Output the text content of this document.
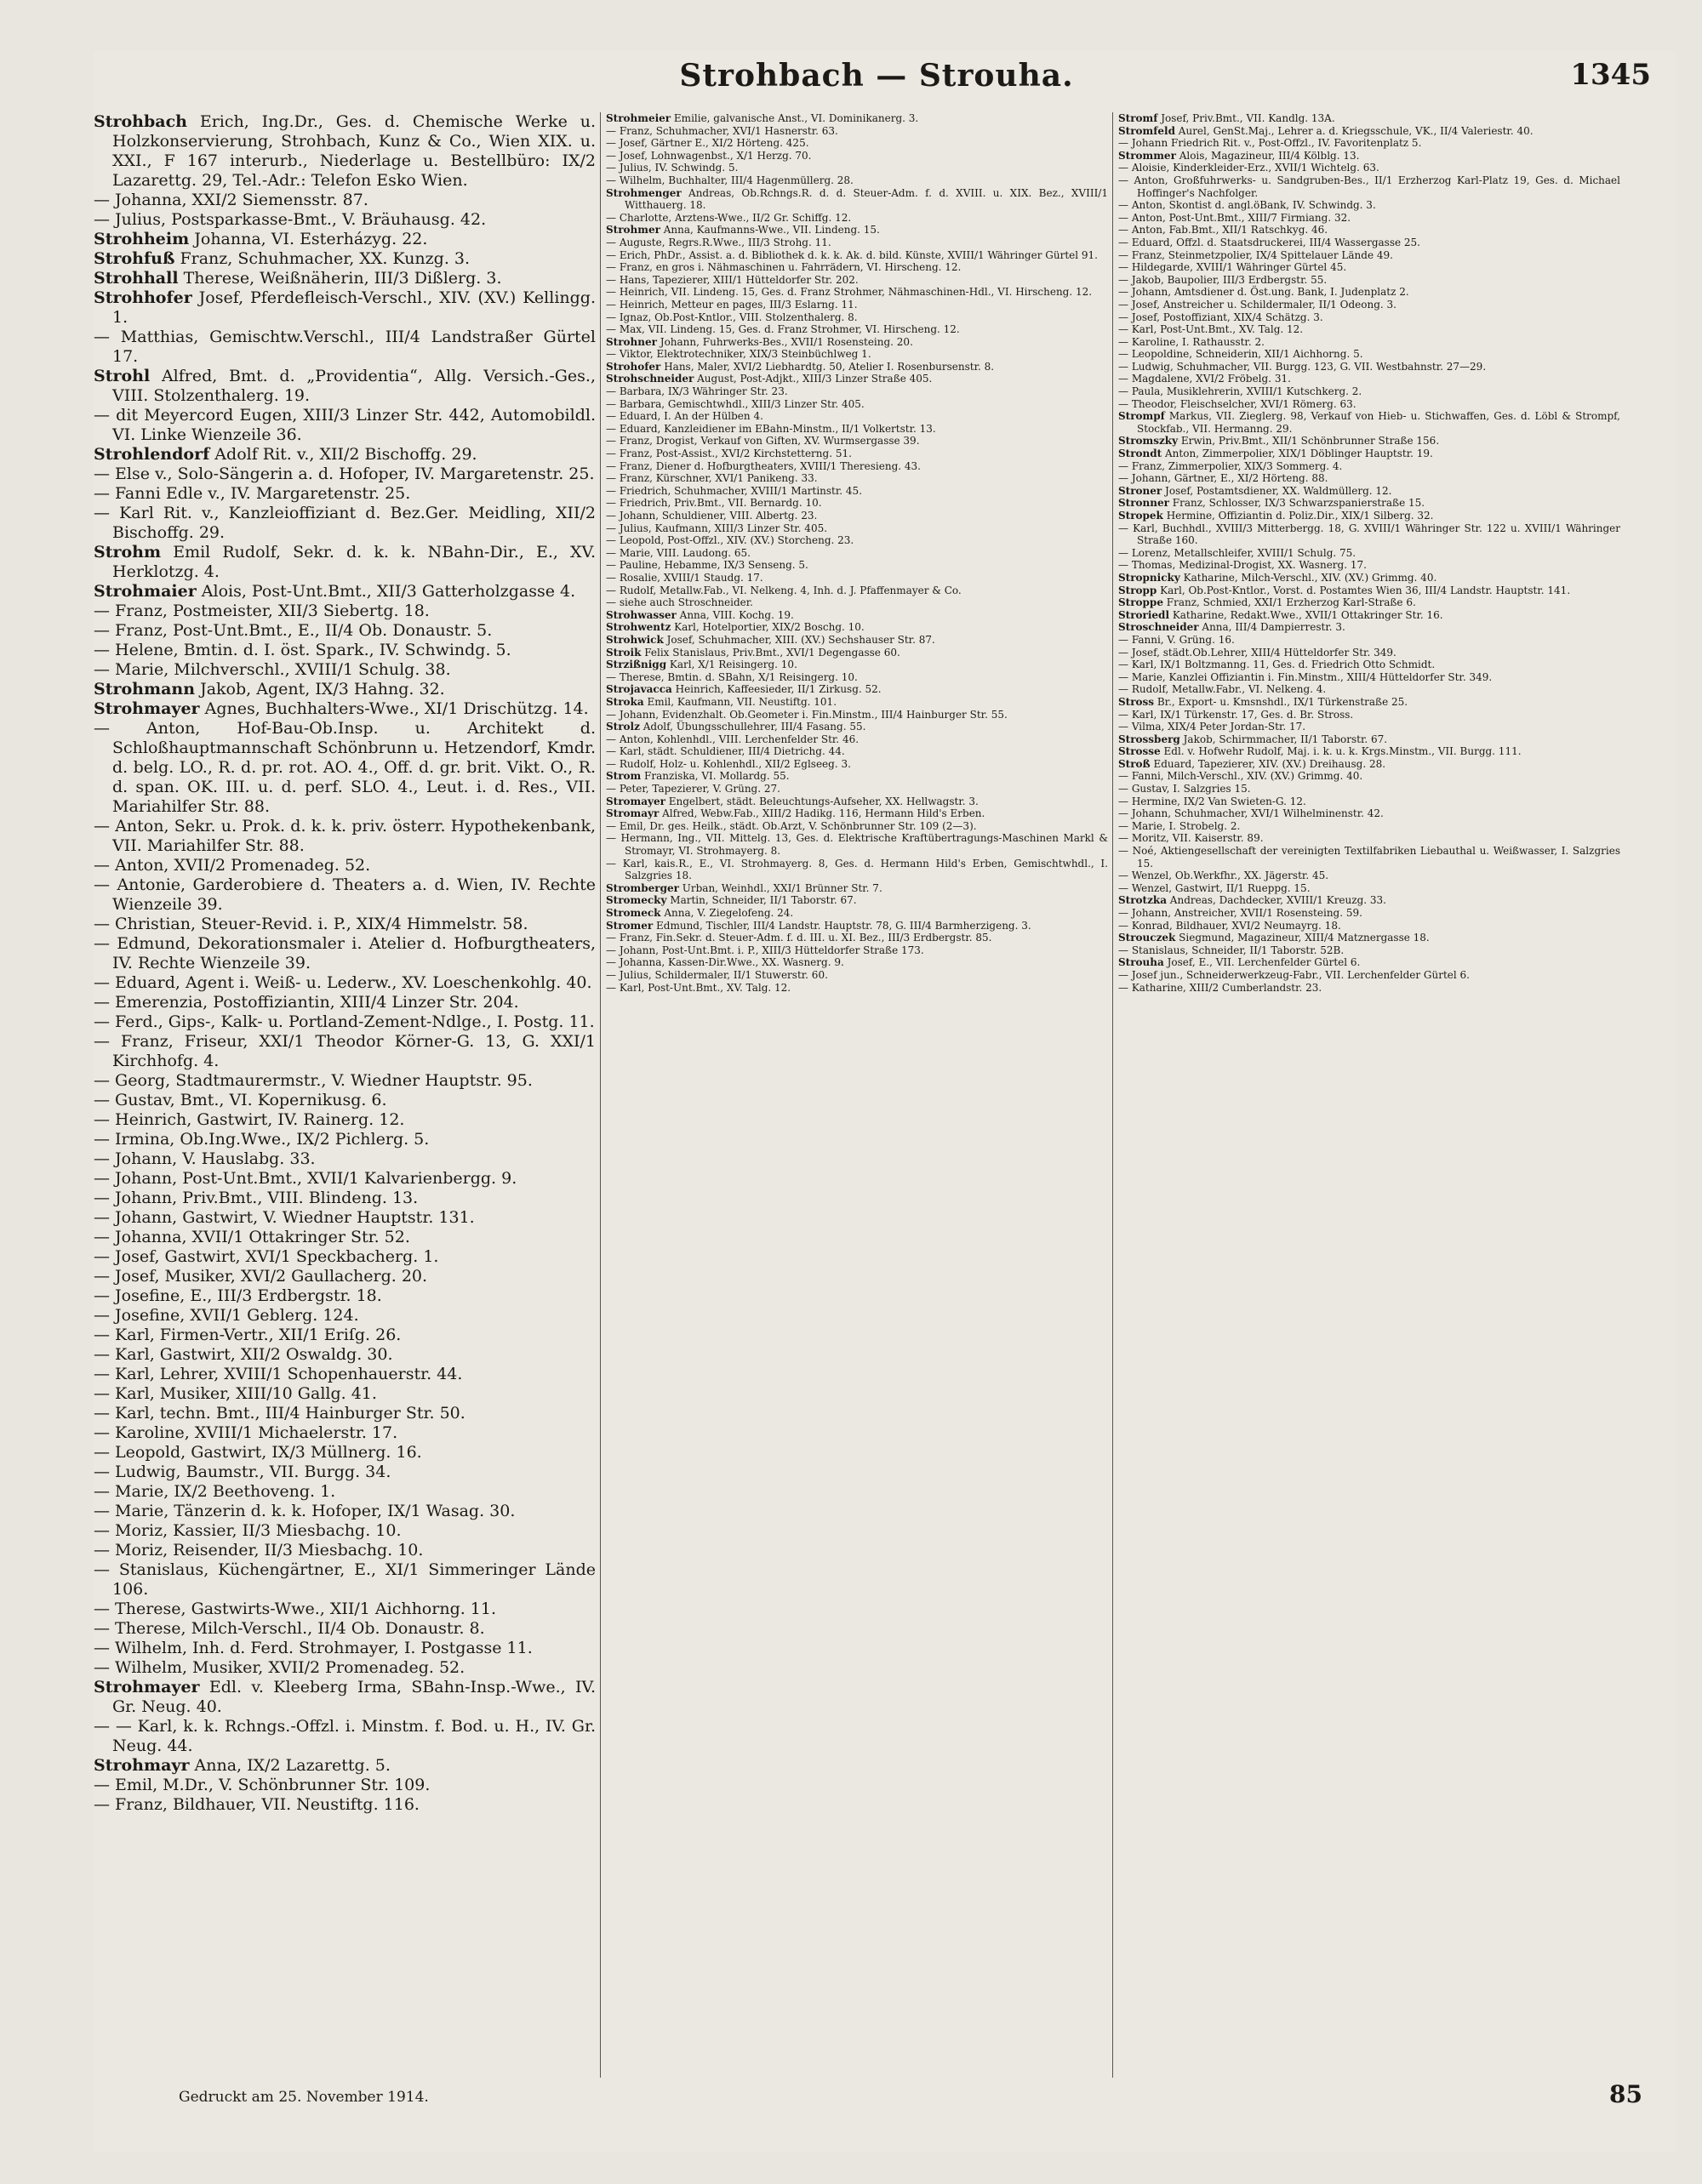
Strohbach — Strouha.	1345

Strohbach Erich, Ing.Dr., Ges. d. Chemische Werke u. Holzkonservierung, Strohbach, Kunz & Co., Wien XIX. u. XXI., F 167 interurb., Niederlage u. Bestellbüro: IX/2 Lazarettg. 29, Tel.-Adr.: Telefon Esko Wien.

— Johanna, XXI/2 Siemensstr. 87.

— Julius, Postsparkasse-Bmt., V. Bräuhausg. 42.

Strohheim Johanna, VI. Esterházyg. 22.

Strohfuß Franz, Schuhmacher, XX. Kunzg. 3.

Strohhall Therese, Weißnäherin, III/3 Dißlerg. 3.

Strohhofer Josef, Pferdefleisch-Verschl., XIV. (XV.) Kellingg. 1.

— Matthias, Gemischtw.Verschl., III/4 Landstraßer Gürtel 17.

Strohl Alfred, Bmt. d. „Providentia“, Allg. Versich.-Ges., VIII. Stolzenthalerg. 19.

— dit Meyercord Eugen, XIII/3 Linzer Str. 442, Automobildl. VI. Linke Wienzeile 36.

Strohlendorf Adolf Rit. v., XII/2 Bischoffg. 29.

— Else v., Solo-Sängerin a. d. Hofoper, IV. Margaretenstr. 25.

— Fanni Edle v., IV. Margaretenstr. 25.

— Karl Rit. v., Kanzleioffiziant d. Bez.Ger. Meidling, XII/2 Bischoffg. 29.

Strohm Emil Rudolf, Sekr. d. k. k. NBahn-Dir., E., XV. Herklotzg. 4.

Strohmaier Alois, Post-Unt.Bmt., XII/3 Gatterholzgasse 4.

— Franz, Postmeister, XII/3 Siebertg. 18.

— Franz, Post-Unt.Bmt., E., II/4 Ob. Donaustr. 5.

— Helene, Bmtin. d. I. öst. Spark., IV. Schwindg. 5.

— Marie, Milchverschl., XVIII/1 Schulg. 38.

Strohmann Jakob, Agent, IX/3 Hahng. 32.

Strohmayer Agnes, Buchhalters-Wwe., XI/1 Drischützg. 14.

— Anton, Hof-Bau-Ob.Insp. u. Architekt d. Schloßhauptmannschaft Schönbrunn u. Hetzendorf, Kmdr. d. belg. LO., R. d. pr. rot. AO. 4., Off. d. gr. brit. Vikt. O., R. d. span. OK. III. u. d. perf. SLO. 4., Leut. i. d. Res., VII. Mariahilfer Str. 88.

— Anton, Sekr. u. Prok. d. k. k. priv. österr. Hypothekenbank, VII. Mariahilfer Str. 88.

— Anton, XVII/2 Promenadeg. 52.

— Antonie, Garderobiere d. Theaters a. d. Wien, IV. Rechte Wienzeile 39.

— Christian, Steuer-Revid. i. P., XIX/4 Himmelstr. 58.

— Edmund, Dekorationsmaler i. Atelier d. Hofburgtheaters, IV. Rechte Wienzeile 39.

— Eduard, Agent i. Weiß- u. Lederw., XV. Loeschenkohlg. 40.

— Emerenzia, Postoffiziantin, XIII/4 Linzer Str. 204.

— Ferd., Gips-, Kalk- u. Portland-Zement-Ndlge., I. Postg. 11.

— Franz, Friseur, XXI/1 Theodor Körner-G. 13, G. XXI/1 Kirchhofg. 4.

— Georg, Stadtmaurermstr., V. Wiedner Hauptstr. 95.

— Gustav, Bmt., VI. Kopernikusg. 6.

— Heinrich, Gastwirt, IV. Rainerg. 12.

— Irmina, Ob.Ing.Wwe., IX/2 Pichlerg. 5.

— Johann, V. Hauslabg. 33.

— Johann, Post-Unt.Bmt., XVII/1 Kalvarienbergg. 9.

— Johann, Priv.Bmt., VIII. Blindeng. 13.

— Johann, Gastwirt, V. Wiedner Hauptstr. 131.

— Johanna, XVII/1 Ottakringer Str. 52.

— Josef, Gastwirt, XVI/1 Speckbacherg. 1.

— Josef, Musiker, XVI/2 Gaullacherg. 20.

— Josefine, E., III/3 Erdbergstr. 18.

— Josefine, XVII/1 Geblerg. 124.

— Karl, Firmen-Vertr., XII/1 Eriſg. 26.

— Karl, Gastwirt, XII/2 Oswaldg. 30.

— Karl, Lehrer, XVIII/1 Schopenhauerstr. 44.

— Karl, Musiker, XIII/10 Gallg. 41.

— Karl, techn. Bmt., III/4 Hainburger Str. 50.

— Karoline, XVIII/1 Michaelerstr. 17.

— Leopold, Gastwirt, IX/3 Müllnerg. 16.

— Ludwig, Baumstr., VII. Burgg. 34.

— Marie, IX/2 Beethoveng. 1.

— Marie, Tänzerin d. k. k. Hofoper, IX/1 Wasag. 30.

— Moriz, Kassier, II/3 Miesbachg. 10.

— Moriz, Reisender, II/3 Miesbachg. 10.

— Stanislaus, Küchengärtner, E., XI/1 Simmeringer Lände 106.

— Therese, Gastwirts-Wwe., XII/1 Aichhorng. 11.

— Therese, Milch-Verschl., II/4 Ob. Donaustr. 8.

— Wilhelm, Inh. d. Ferd. Strohmayer, I. Postgasse 11.

— Wilhelm, Musiker, XVII/2 Promenadeg. 52.

Strohmayer Edl. v. Kleeberg Irma, SBahn-Insp.-Wwe., IV. Gr. Neug. 40.

— — Karl, k. k. Rchngs.-Offzl. i. Minstm. f. Bod. u. H., IV. Gr. Neug. 44.

Strohmayr Anna, IX/2 Lazarettg. 5.

— Emil, M.Dr., V. Schönbrunner Str. 109.

— Franz, Bildhauer, VII. Neustiftg. 116.

Strohmeier Emilie, galvanische Anst., VI. Dominikanerg. 3.

— Franz, Schuhmacher, XVI/1 Hasnerstr. 63.

— Josef, Gärtner E., XI/2 Hörteng. 425.

— Josef, Lohnwagenbst., X/1 Herzg. 70.

— Julius, IV. Schwindg. 5.

— Wilhelm, Buchhalter, III/4 Hagenmüllerg. 28.

Strohmenger Andreas, Ob.Rchngs.R. d. d. Steuer-Adm. f. d. XVIII. u. XIX. Bez., XVIII/1 Witthauerg. 18.

— Charlotte, Arztens-Wwe., II/2 Gr. Schiffg. 12.

Strohmer Anna, Kaufmanns-Wwe., VII. Lindeng. 15.

— Auguste, Regrs.R.Wwe., III/3 Strohg. 11.

— Erich, PhDr., Assist. a. d. Bibliothek d. k. k. Ak. d. bild. Künste, XVIII/1 Währinger Gürtel 91.

— Franz, en gros i. Nähmaschinen u. Fahrrädern, VI. Hirscheng. 12.

— Hans, Tapezierer, XIII/1 Hütteldorfer Str. 202.

— Heinrich, VII. Lindeng. 15, Ges. d. Franz Strohmer, Nähmaschinen-Hdl., VI. Hirscheng. 12.

— Heinrich, Metteur en pages, III/3 Eslarng. 11.

— Ignaz, Ob.Post-Kntlor., VIII. Stolzenthalerg. 8.

— Max, VII. Lindeng. 15, Ges. d. Franz Strohmer, VI. Hirscheng. 12.

Strohner Johann, Fuhrwerks-Bes., XVII/1 Rosensteing. 20.

— Viktor, Elektrotechniker, XIX/3 Steinbüchlweg 1.

Strohofer Hans, Maler, XVI/2 Liebhardtg. 50, Atelier I. Rosenbursenstr. 8.

Strohschneider August, Post-Adjkt., XIII/3 Linzer Straße 405.

— Barbara, IX/3 Währinger Str. 23.

— Barbara, Gemischtwhdl., XIII/3 Linzer Str. 405.

— Eduard, I. An der Hülben 4.

— Eduard, Kanzleidiener im EBahn-Minstm., II/1 Volkertstr. 13.

— Franz, Drogist, Verkauf von Giften, XV. Wurmsergasse 39.

— Franz, Post-Assist., XVI/2 Kirchstetterng. 51.

— Franz, Diener d. Hofburgtheaters, XVIII/1 Theresieng. 43.

— Franz, Kürschner, XVI/1 Panikeng. 33.

— Friedrich, Schuhmacher, XVIII/1 Martinstr. 45.

— Friedrich, Priv.Bmt., VII. Bernardg. 10.

— Johann, Schuldiener, VIII. Albertg. 23.

— Julius, Kaufmann, XIII/3 Linzer Str. 405.

— Leopold, Post-Offzl., XIV. (XV.) Storcheng. 23.

— Marie, VIII. Laudong. 65.

— Pauline, Hebamme, IX/3 Senseng. 5.

— Rosalie, XVIII/1 Staudg. 17.

— Rudolf, Metallw.Fab., VI. Nelkeng. 4, Inh. d. J. Pfaffenmayer & Co.

— siehe auch Stroschneider.

Strohwasser Anna, VIII. Kochg. 19.

Strohwentz Karl, Hotelportier, XIX/2 Boschg. 10.

Strohwick Josef, Schuhmacher, XIII. (XV.) Sechshauser Str. 87.

Stroik Felix Stanislaus, Priv.Bmt., XVI/1 Degengasse 60.

Strzißnigg Karl, X/1 Reisingerg. 10.

— Therese, Bmtin. d. SBahn, X/1 Reisingerg. 10.

Strojavacca Heinrich, Kaffeesieder, II/1 Zirkusg. 52.

Stroka Emil, Kaufmann, VII. Neustiftg. 101.

— Johann, Evidenzhalt. Ob.Geometer i. Fin.Minstm., III/4 Hainburger Str. 55.

Strolz Adolf, Übungsschullehrer, III/4 Fasang. 55.

— Anton, Kohlenhdl., VIII. Lerchenfelder Str. 46.

— Karl, städt. Schuldiener, III/4 Dietrichg. 44.

— Rudolf, Holz- u. Kohlenhdl., XII/2 Eglseeg. 3.

Strom Franziska, VI. Mollardg. 55.

— Peter, Tapezierer, V. Grüng. 27.

Stromayer Engelbert, städt. Beleuchtungs-Aufseher, XX. Hellwagstr. 3.

Stromayr Alfred, Webw.Fab., XIII/2 Hadikg. 116, Hermann Hild's Erben.

— Emil, Dr. ges. Heilk., städt. Ob.Arzt, V. Schönbrunner Str. 109 (2—3).

— Hermann, Ing., VII. Mittelg. 13, Ges. d. Elektrische Kraftübertragungs-Maschinen Markl & Stromayr, VI. Strohmayerg. 8.

— Karl, kais.R., E., VI. Strohmayerg. 8, Ges. d. Hermann Hild's Erben, Gemischtwhdl., I. Salzgries 18.

Stromberger Urban, Weinhdl., XXI/1 Brünner Str. 7.

Stromecky Martin, Schneider, II/1 Taborstr. 67.

Stromeck Anna, V. Ziegelofeng. 24.

Stromer Edmund, Tischler, III/4 Landstr. Hauptstr. 78, G. III/4 Barmherzigeng. 3.

— Franz, Fin.Sekr. d. Steuer-Adm. f. d. III. u. XI. Bez., III/3 Erdbergstr. 85.

— Johann, Post-Unt.Bmt. i. P., XIII/3 Hütteldorfer Straße 173.

— Johanna, Kassen-Dir.Wwe., XX. Wasnerg. 9.

— Julius, Schildermaler, II/1 Stuwerstr. 60.

— Karl, Post-Unt.Bmt., XV. Talg. 12.

Stromf Josef, Priv.Bmt., VII. Kandlg. 13A.

Stromfeld Aurel, GenSt.Maj., Lehrer a. d. Kriegsschule, VK., II/4 Valeriestr. 40.

— Johann Friedrich Rit. v., Post-Offzl., IV. Favoritenplatz 5.

Strommer Alois, Magazineur, III/4 Kölblg. 13.

— Aloisie, Kinderkleider-Erz., XVII/1 Wichtelg. 63.

— Anton, Großfuhrwerks- u. Sandgruben-Bes., II/1 Erzherzog Karl-Platz 19, Ges. d. Michael Hoffinger's Nachfolger.

— Anton, Skontist d. angl.öBank, IV. Schwindg. 3.

— Anton, Post-Unt.Bmt., XIII/7 Firmiang. 32.

— Anton, Fab.Bmt., XII/1 Ratschkyg. 46.

— Eduard, Offzl. d. Staatsdruckerei, III/4 Wassergasse 25.

— Franz, Steinmetzpolier, IX/4 Spittelauer Lände 49.

— Hildegarde, XVIII/1 Währinger Gürtel 45.

— Jakob, Baupolier, III/3 Erdbergstr. 55.

— Johann, Amtsdiener d. Öst.ung. Bank, I. Judenplatz 2.

— Josef, Anstreicher u. Schildermaler, II/1 Odeong. 3.

— Josef, Postoffiziant, XIX/4 Schätzg. 3.

— Karl, Post-Unt.Bmt., XV. Talg. 12.

— Karoline, I. Rathausstr. 2.

— Leopoldine, Schneiderin, XII/1 Aichhorng. 5.

— Ludwig, Schuhmacher, VII. Burgg. 123, G. VII. Westbahnstr. 27—29.

— Magdalene, XVI/2 Fröbelg. 31.

— Paula, Musiklehrerin, XVIII/1 Kutschkerg. 2.

— Theodor, Fleischselcher, XVI/1 Römerg. 63.

Strompf Markus, VII. Zieglerg. 98, Verkauf von Hieb- u. Stichwaffen, Ges. d. Löbl & Strompf, Stockfab., VII. Hermanng. 29.

Stromszky Erwin, Priv.Bmt., XII/1 Schönbrunner Straße 156.

Strondt Anton, Zimmerpolier, XIX/1 Döblinger Hauptstr. 19.

— Franz, Zimmerpolier, XIX/3 Sommerg. 4.

— Johann, Gärtner, E., XI/2 Hörteng. 88.

Stroner Josef, Postamtsdiener, XX. Waldmüllerg. 12.

Stronner Franz, Schlosser, IX/3 Schwarzspanierstraße 15.

Stropek Hermine, Offiziantin d. Poliz.Dir., XIX/1 Silberg. 32.

— Karl, Buchhdl., XVIII/3 Mitterbergg. 18, G. XVIII/1 Währinger Str. 122 u. XVIII/1 Währinger Straße 160.

— Lorenz, Metallschleifer, XVIII/1 Schulg. 75.

— Thomas, Medizinal-Drogist, XX. Wasnerg. 17.

Stropnicky Katharine, Milch-Verschl., XIV. (XV.) Grimmg. 40.

Stropp Karl, Ob.Post-Kntlor., Vorst. d. Postamtes Wien 36, III/4 Landstr. Hauptstr. 141.

Stroppe Franz, Schmied, XXI/1 Erzherzog Karl-Straße 6.

Stroriedl Katharine, Redakt.Wwe., XVII/1 Ottakringer Str. 16.

Stroschneider Anna, III/4 Dampierrestr. 3.

— Fanni, V. Grüng. 16.

— Josef, städt.Ob.Lehrer, XIII/4 Hütteldorfer Str. 349.

— Karl, IX/1 Boltzmanng. 11, Ges. d. Friedrich Otto Schmidt.

— Marie, Kanzlei Offiziantin i. Fin.Minstm., XIII/4 Hütteldorfer Str. 349.

— Rudolf, Metallw.Fabr., VI. Nelkeng. 4.

Stross Br., Export- u. Kmsnshdl., IX/1 Türkenstraße 25.

— Karl, IX/1 Türkenstr. 17, Ges. d. Br. Stross.

— Vilma, XIX/4 Peter Jordan-Str. 17.

Strossberg Jakob, Schirmmacher, II/1 Taborstr. 67.

Strosse Edl. v. Hofwehr Rudolf, Maj. i. k. u. k. Krgs.Minstm., VII. Burgg. 111.

Stroß Eduard, Tapezierer, XIV. (XV.) Dreihausg. 28.

— Fanni, Milch-Verschl., XIV. (XV.) Grimmg. 40.

— Gustav, I. Salzgries 15.

— Hermine, IX/2 Van Swieten-G. 12.

— Johann, Schuhmacher, XVI/1 Wilhelminenstr. 42.

— Marie, I. Strobelg. 2.

— Moritz, VII. Kaiserstr. 89.

— Noé, Aktiengesellschaft der vereinigten Textilfabriken Liebauthal u. Weißwasser, I. Salzgries 15.

— Wenzel, Ob.Werkfhr., XX. Jägerstr. 45.

— Wenzel, Gastwirt, II/1 Rueppg. 15.

Strotzka Andreas, Dachdecker, XVIII/1 Kreuzg. 33.

— Johann, Anstreicher, XVII/1 Rosensteing. 59.

— Konrad, Bildhauer, XVI/2 Neumayrg. 18.

Strouczek Siegmund, Magazineur, XIII/4 Matznergasse 18.

— Stanislaus, Schneider, II/1 Taborstr. 52B.

Strouha Josef, E., VII. Lerchenfelder Gürtel 6.

— Josef jun., Schneiderwerkzeug-Fabr., VII. Lerchenfelder Gürtel 6.

— Katharine, XIII/2 Cumberlandstr. 23.

Gedruckt am 25. November 1914.	85
